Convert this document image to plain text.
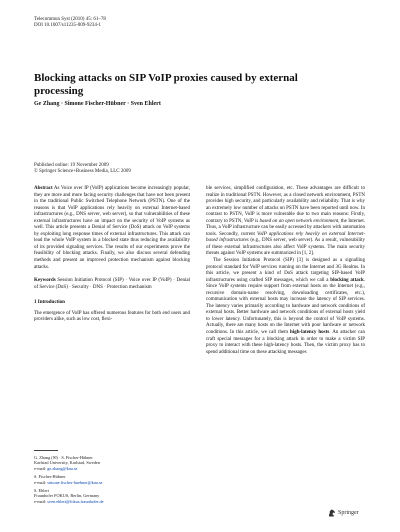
Telecommun Syst (2010) 45: 61–78
DOI 10.1007/s11235-009-9234-1
Blocking attacks on SIP VoIP proxies caused by external processing
Ge Zhang · Simone Fischer-Hübner · Sven Ehlert
Published online: 19 November 2009
© Springer Science+Business Media, LLC 2009

Abstract As Voice over IP (VoIP) applications become increasingly popular, they are more and more facing security challenges that have not been present in the traditional Public Switched Telephone Network (PSTN). One of the reasons is that VoIP applications rely heavily on external Internet-based infrastructures (e.g., DNS server, web server), so that vulnerabilities of these external infrastructures have an impact on the security of VoIP systems as well. This article presents a Denial of Service (DoS) attack on VoIP systems by exploiting long response times of external infrastructures. This attack can lead the whole VoIP system in a blocked state thus reducing the availability of its provided signaling services. The results of our experiments prove the feasibility of blocking attacks. Finally, we also discuss several defending methods and present an improved protection mechanism against blocking attacks.

Keywords Session Initiation Protocol (SIP) · Voice over IP (VoIP) · Denial of Service (DoS) · Security · DNS · Protection mechanism

1 Introduction

The emergence of VoIP has offered numerous features for both end users and providers alike, such as low cost, flexi-

ble services, simplified configuration, etc. These advantages are difficult to realize in traditional PSTN. However, as a closed network environment, PSTN provides high security, and particularly availability and reliability. That is why an extremely low number of attacks on PSTN have been reported until now. In contrast to PSTN, VoIP is more vulnerable due to two main reasons: Firstly, contrary to PSTN, VoIP is based on an open network environment, the Internet. Thus, a VoIP infrastructure can be easily accessed by attackers with automation tools. Secondly, current VoIP applications rely heavily on external Internet-based infrastructures (e.g., DNS server, web server). As a result, vulnerability of these external infrastructures also affect VoIP systems. The main security threats against VoIP systems are summarized in [1, 2].

The Session Initiation Protocol (SIP) [3] is designed as a signalling protocol standard for VoIP services running on the Internet and 3G Realms. In this article, we present a kind of DoS attack targeting SIP-based VoIP infrastructures using crafted SIP messages, which we call a blocking attack. Since VoIP systems require support from external hosts on the Internet (e.g., recursive domain-name resolving, downloading certificates, etc.), communication with external hosts may increase the latency of SIP services. The latency varies primarily according to hardware and network conditions of external hosts. Better hardware and network conditions of external hosts yield to lower latency. Unfortunately, this is beyond the control of VoIP systems. Actually, there are many hosts on the Internet with poor hardware or network conditions. In this article, we call them high-latency hosts. An attacker can craft special messages for a blocking attack in order to make a victim SIP proxy to interact with these high-latency hosts. Then, the victim proxy has to spend additional time on these attacking messages

G. Zhang (✉) · S. Fischer-Hübner
Karlstad University, Karlstad, Sweden
e-mail: ge.zhang@kau.se
S. Fischer-Hübner
e-mail: simone.fischer-huebner@kau.se
S. Ehlert
Fraunhofer FOKUS, Berlin, Germany
e-mail: sven.ehlert@fokus.fraunhofer.de
Springer
